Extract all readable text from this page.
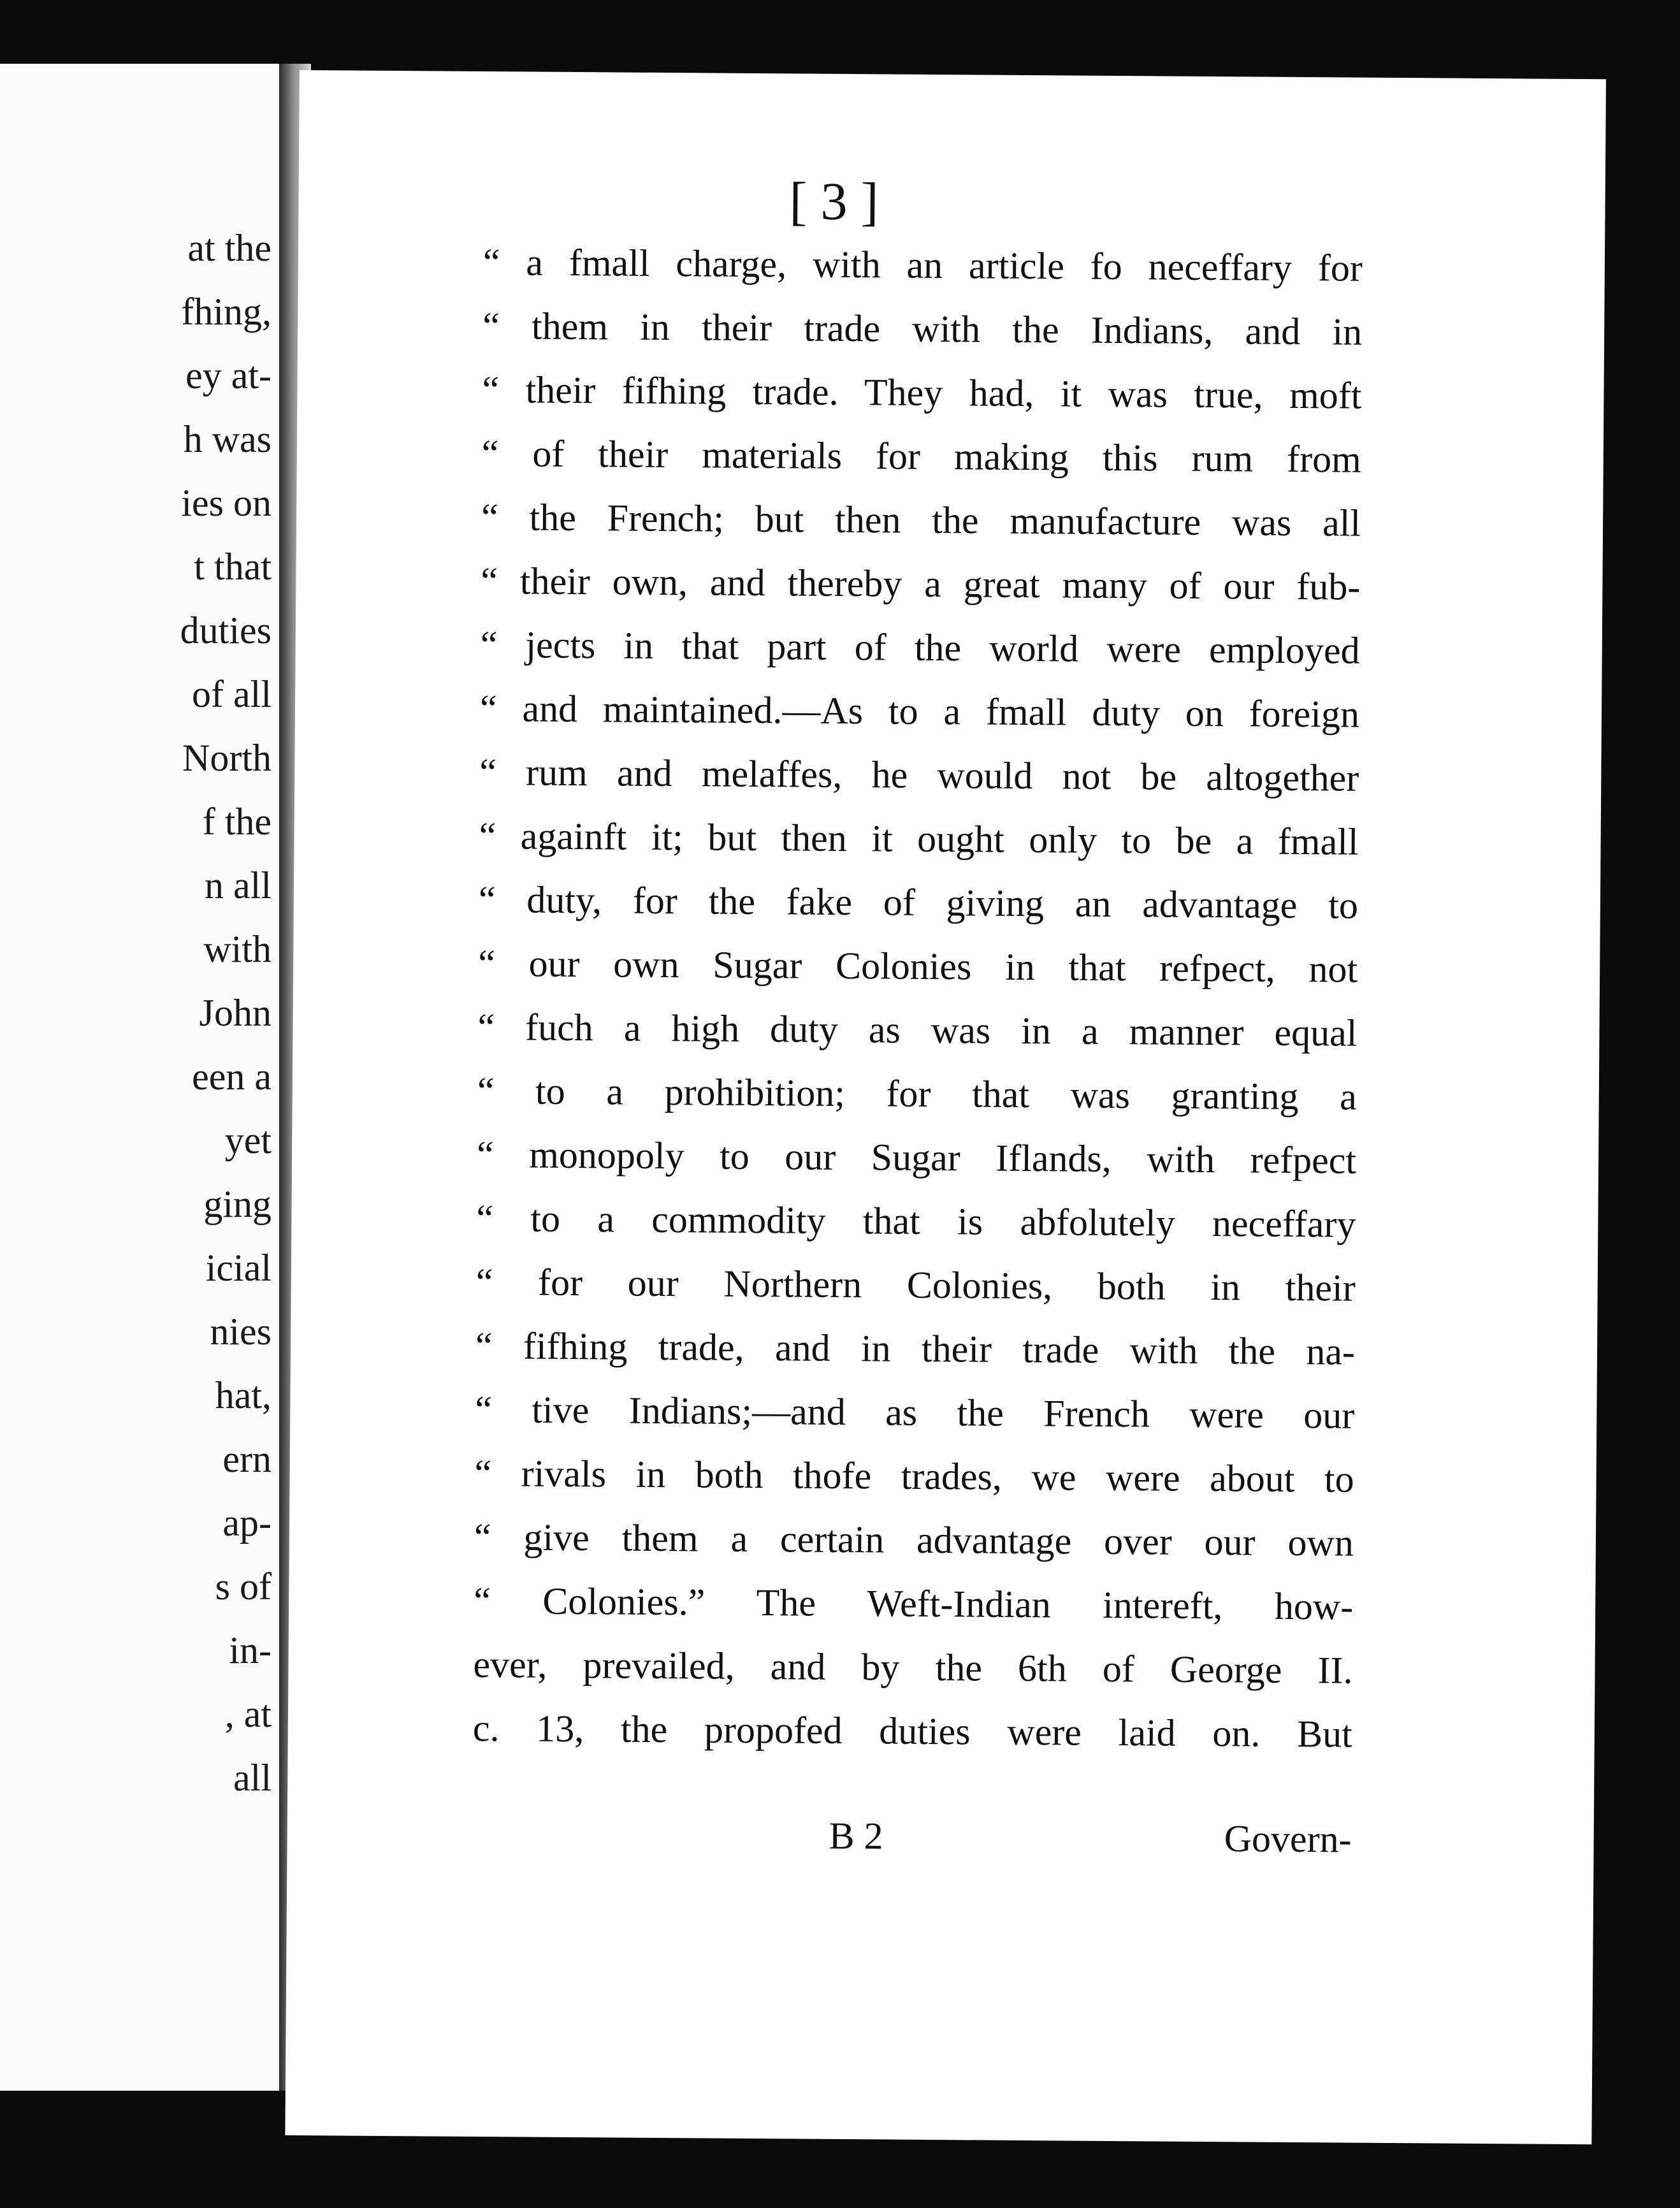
at the
fhing,
ey at-
h was
ies on
t that
duties
of all
North
f the
n all
with
John
een a
yet
ging
icial
nies
hat,
ern
ap-
s of
in-
, at
all
[ 3 ]
“ a fmall charge, with an article fo neceffary for
“ them in their trade with the Indians, and in
“ their fifhing trade. They had, it was true, moft
“ of their materials for making this rum from
“ the French; but then the manufacture was all
“ their own, and thereby a great many of our fub-
“ jects in that part of the world were employed
“ and maintained.—As to a fmall duty on foreign
“ rum and melaffes, he would not be altogether
“ againft it; but then it ought only to be a fmall
“ duty, for the fake of giving an advantage to
“ our own Sugar Colonies in that refpect, not
“ fuch a high duty as was in a manner equal
“ to a prohibition; for that was granting a
“ monopoly to our Sugar Iflands, with refpect
“ to a commodity that is abfolutely neceffary
“ for our Northern Colonies, both in their
“ fifhing trade, and in their trade with the na-
“ tive Indians;—and as the French were our
“ rivals in both thofe trades, we were about to
“ give them a certain advantage over our own
“ Colonies.” The Weft-Indian intereft, how-
ever, prevailed, and by the 6th of George II.
c. 13, the propofed duties were laid on. But
B 2	Govern-
